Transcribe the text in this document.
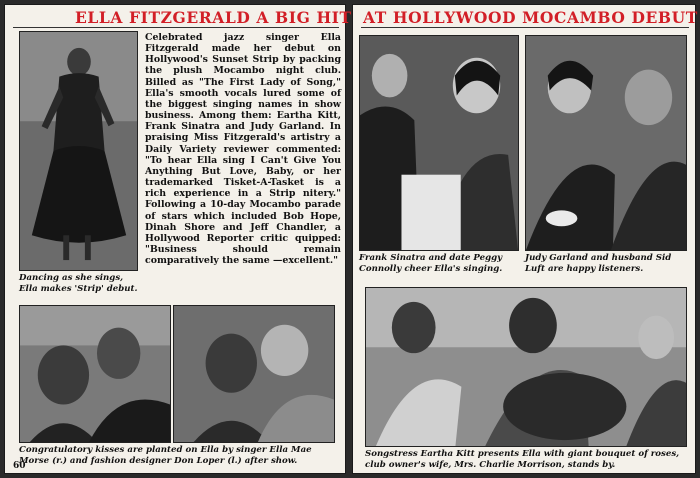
ELLA FITZGERALD A BIG HIT
Dancing as she sings, Ella makes 'Strip' debut.
Celebrated jazz singer Ella Fitzgerald made her debut on Hollywood's Sunset Strip by packing the plush Mocambo night club. Billed as "The First Lady of Song," Ella's smooth vocals lured some of the biggest singing names in show business. Among them: Eartha Kitt, Frank Sinatra and Judy Garland. In praising Miss Fitzgerald's artistry a Daily Variety reviewer commented: "To hear Ella sing I Can't Give You Anything But Love, Baby, or her trademarked Tisket-A-Tasket is a rich experience in a Strip nitery." Following a 10-day Mocambo parade of stars which included Bob Hope, Dinah Shore and Jeff Chandler, a Hollywood Reporter critic quipped: "Business should remain comparatively the same —excellent."
Congratulatory kisses are planted on Ella by singer Ella Mae Morse (r.) and fashion designer Don Loper (l.) after show.
60
AT HOLLYWOOD MOCAMBO DEBUT
Frank Sinatra and date Peggy Connolly cheer Ella's singing.
Judy Garland and husband Sid Luft are happy listeners.
Songstress Eartha Kitt presents Ella with giant bouquet of roses, club owner's wife, Mrs. Charlie Morrison, stands by.
